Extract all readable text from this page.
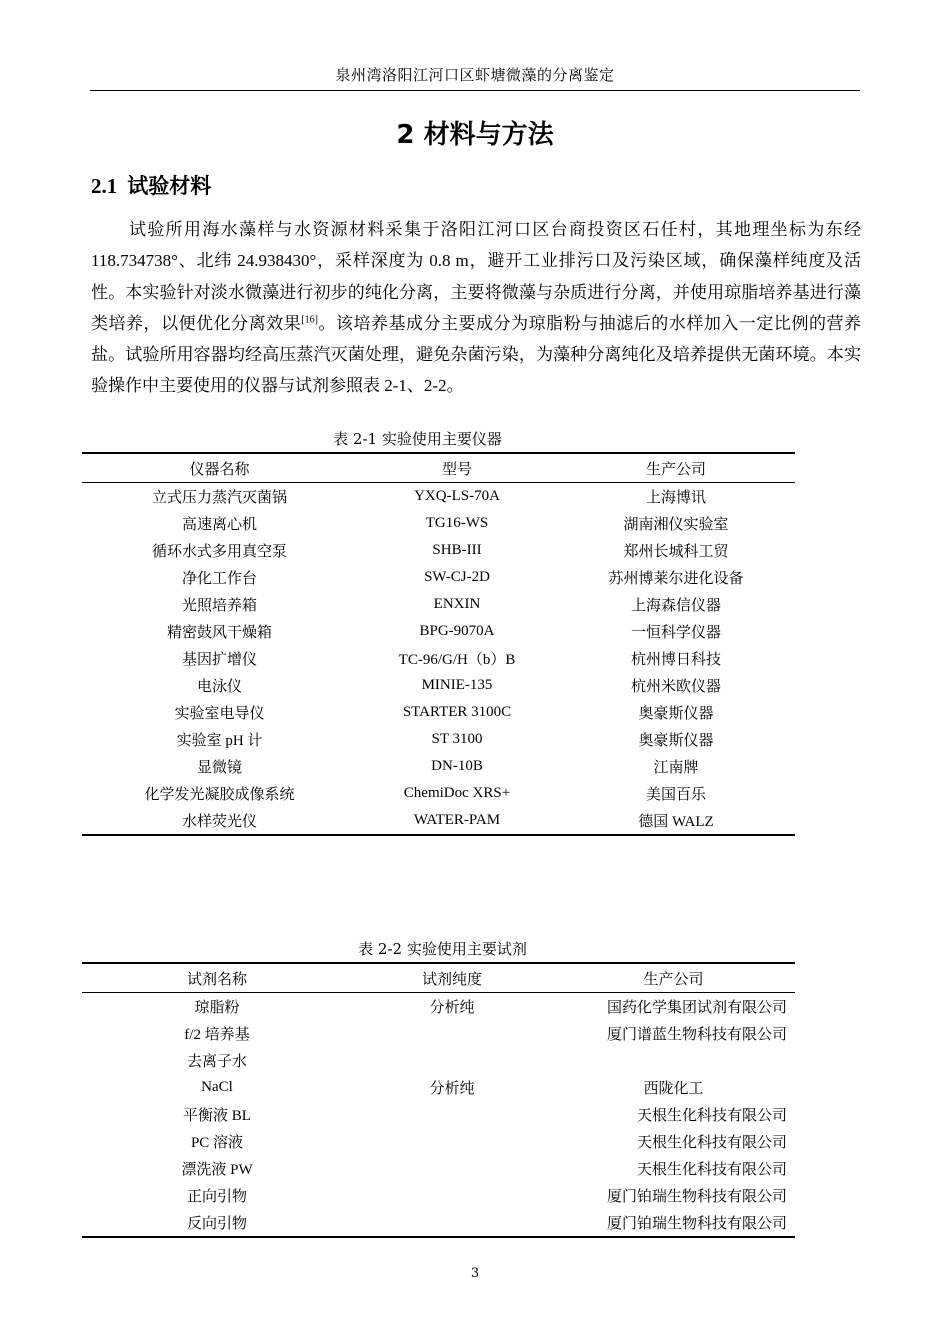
泉州湾洛阳江河口区虾塘微藻的分离鉴定
2 材料与方法
2.1 试验材料

试验所用海水藻样与水资源材料采集于洛阳江河口区台商投资区石任村，其地理坐标为东经 118.734738°、北纬 24.938430°，采样深度为 0.8 m，避开工业排污口及污染区域，确保藻样纯度及活性。本实验针对淡水微藻进行初步的纯化分离，主要将微藻与杂质进行分离，并使用琼脂培养基进行藻类培养，以便优化分离效果[16]。该培养基成分主要成分为琼脂粉与抽滤后的水样加入一定比例的营养盐。试验所用容器均经高压蒸汽灭菌处理，避免杂菌污染，为藻种分离纯化及培养提供无菌环境。本实验操作中主要使用的仪器与试剂参照表 2-1、2-2。

表 2-1 实验使用主要仪器
仪器名称	型号	生产公司
立式压力蒸汽灭菌锅	YXQ-LS-70A	上海博讯
高速离心机	TG16-WS	湖南湘仪实验室
循环水式多用真空泵	SHB-III	郑州长城科工贸
净化工作台	SW-CJ-2D	苏州博莱尔进化设备
光照培养箱	ENXIN	上海森信仪器
精密鼓风干燥箱	BPG-9070A	一恒科学仪器
基因扩增仪	TC-96/G/H（b）B	杭州博日科技
电泳仪	MINIE-135	杭州米欧仪器
实验室电导仪	STARTER 3100C	奥豪斯仪器
实验室 pH 计	ST 3100	奥豪斯仪器
显微镜	DN-10B	江南牌
化学发光凝胶成像系统	ChemiDoc XRS+	美国百乐
水样荧光仪	WATER-PAM	德国 WALZ
表 2-2 实验使用主要试剂
试剂名称	试剂纯度	生产公司
琼脂粉	分析纯	国药化学集团试剂有限公司
f/2 培养基		厦门谱蓝生物科技有限公司
去离子水		
NaCl	分析纯	西陇化工
平衡液 BL		天根生化科技有限公司
PC 溶液		天根生化科技有限公司
漂洗液 PW		天根生化科技有限公司
正向引物		厦门铂瑞生物科技有限公司
反向引物		厦门铂瑞生物科技有限公司
3
